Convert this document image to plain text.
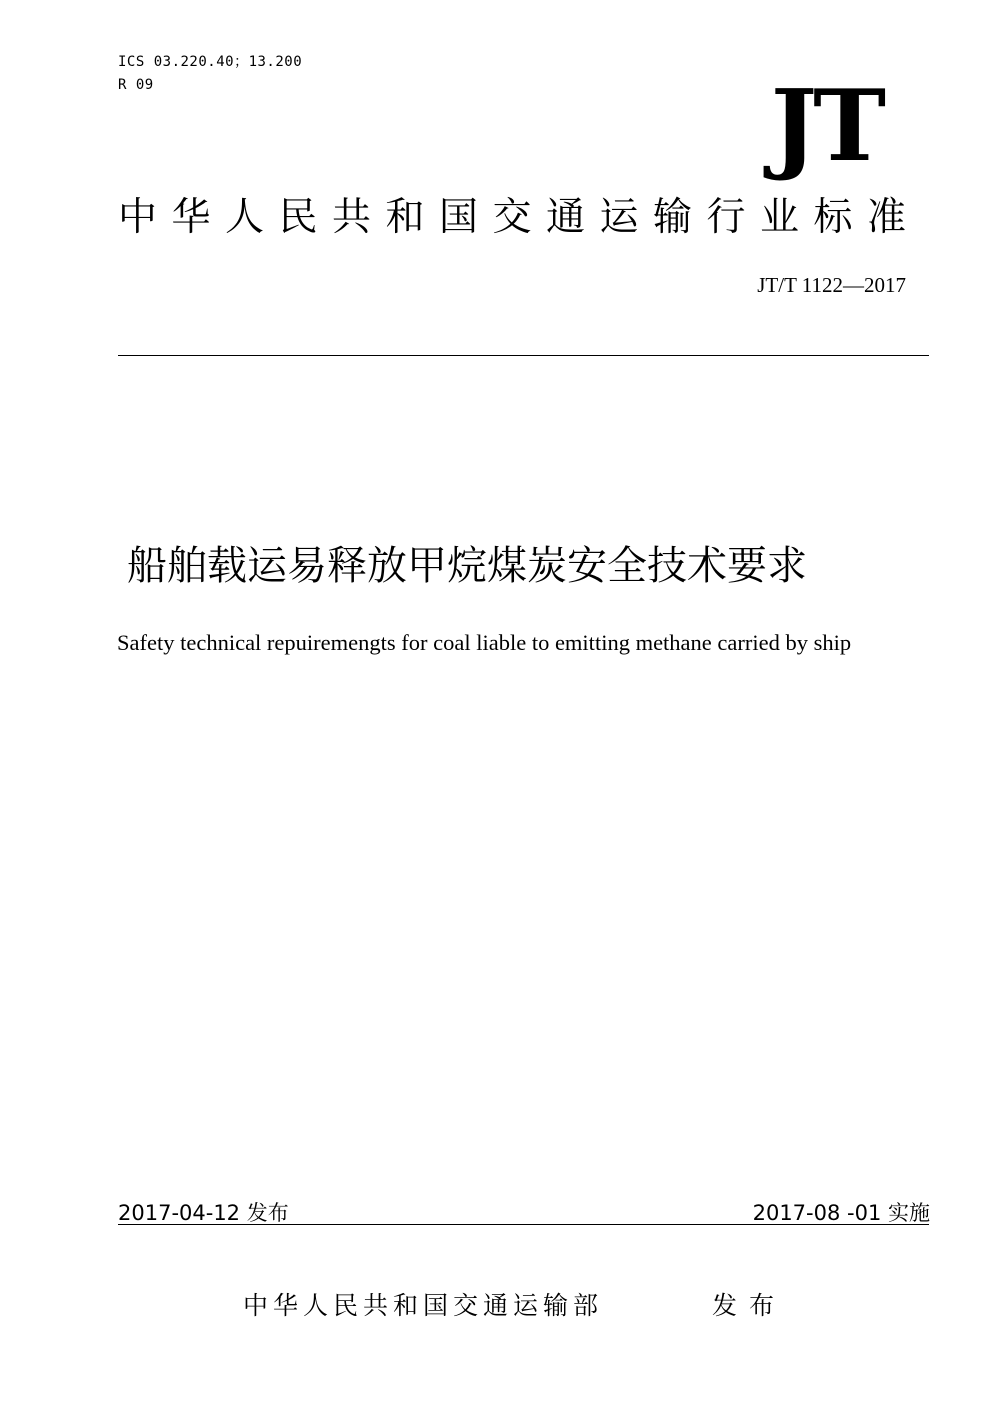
ICS 03.220.40；13.200
R 09	JT
中华人民共和国交通运输行业标准
JT/T 1122—2017
船舶载运易释放甲烷煤炭安全技术要求
Safety technical repuiremengts for coal liable to emitting methane carried by ship
2017-04-12 发布	2017-08 -01 实施
中华人民共和国交通运输部	发布
